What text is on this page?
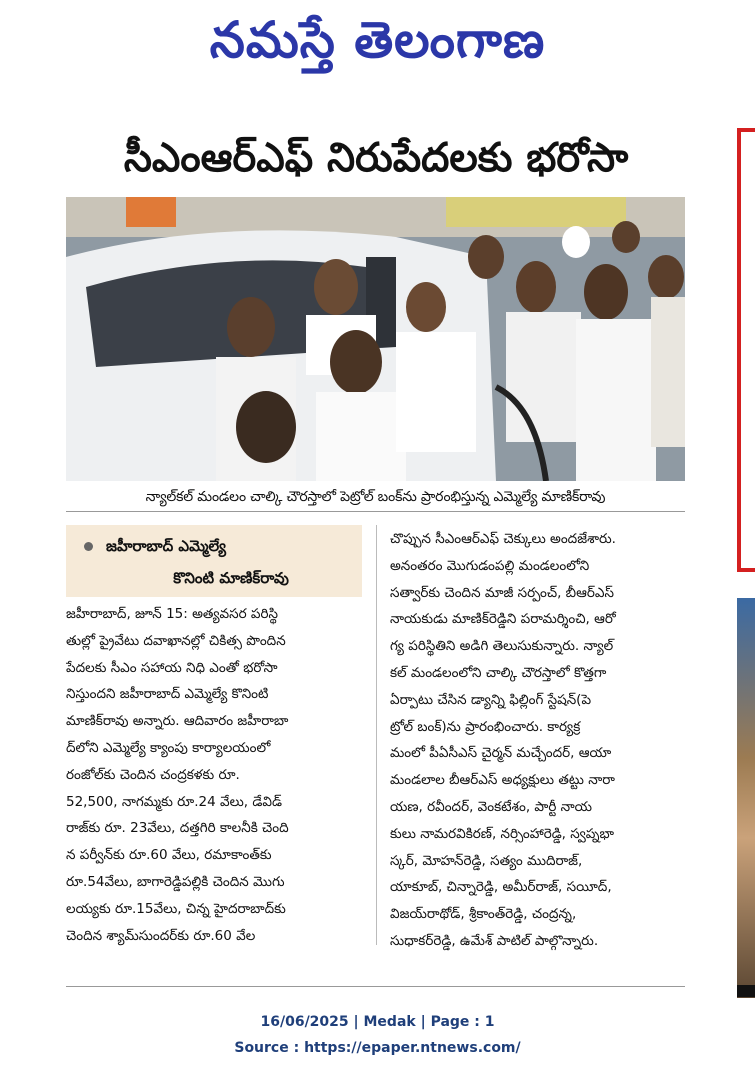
నమస్తే తెలంగాణ
సీఎంఆర్ఎఫ్ నిరుపేదలకు భరోసా
న్యాల్‌కల్ మండలం చాల్కి చౌరస్తాలో పెట్రోల్ బంక్‌ను ప్రారంభిస్తున్న ఎమ్మెల్యే మాణిక్‌రావు
జహీరాబాద్ ఎమ్మెల్యే
కొనింటి మాణిక్‌రావు

జహీరాబాద్, జూన్ 15: అత్యవసర పరిస్థి

తుల్లో ప్రైవేటు దవాఖానల్లో చికిత్స పొందిన

పేదలకు సీఎం సహాయ నిధి ఎంతో భరోసా

నిస్తుందని జహీరాబాద్ ఎమ్మెల్యే కొనింటి

మాణిక్‌రావు అన్నారు. ఆదివారం జహీరాబా

ద్‌లోని ఎమ్మెల్యే క్యాంపు కార్యాలయంలో

రంజోల్‌కు చెందిన చంద్రకళకు రూ.

52,500, నాగమ్మకు రూ.24 వేలు, డేవిడ్

రాజ్‌కు రూ. 23వేలు, దత్తగిరి కాలనీకి చెంది

న పర్వీన్‌కు రూ.60 వేలు, రమాకాంత్‌కు

రూ.54వేలు, బాగారెడ్డిపల్లికి చెందిన మొగు

లయ్యకు రూ.15వేలు, చిన్న హైదరాబాద్‌కు

చెందిన శ్యామ్‌సుందర్‌కు రూ.60 వేల

చొప్పున సీఎంఆర్ఎఫ్ చెక్కులు అందజేశారు.

అనంతరం మొగుడంపల్లి మండలంలోని

సత్వార్‌కు చెందిన మాజీ సర్పంచ్, బీఆర్ఎస్

నాయకుడు మాణిక్‌రెడ్డిని పరామర్శించి, ఆరో

గ్య పరిస్థితిని అడిగి తెలుసుకున్నారు. న్యాల్

కల్ మండలంలోని చాల్కి చౌరస్తాలో కొత్తగా

ఏర్పాటు చేసిన డ్యాన్ని ఫిల్లింగ్ స్టేషన్(పె

ట్రోల్ బంక్)ను ప్రారంభించారు. కార్యక్ర

మంలో పీఏసీఎస్ చైర్మన్ మచ్చేందర్, ఆయా

మండలాల బీఆర్ఎస్ అధ్యక్షులు తట్టు నారా

యణ, రవీందర్, వెంకటేశం, పార్టీ నాయ

కులు నామరవికిరణ్, నర్సింహారెడ్డి, స్వప్నభా

స్కర్, మోహన్‌రెడ్డి, సత్యం ముదిరాజ్,

యాకూబ్, చిన్నారెడ్డి, అమీర్‌రాజ్, సయీద్,

విజయ్‌రాథోడ్, శ్రీకాంత్‌రెడ్డి, చంద్రన్న,

సుధాకర్‌రెడ్డి, ఉమేశ్ పాటిల్ పాల్గొన్నారు.

16/06/2025 | Medak | Page : 1
Source : https://epaper.ntnews.com/
